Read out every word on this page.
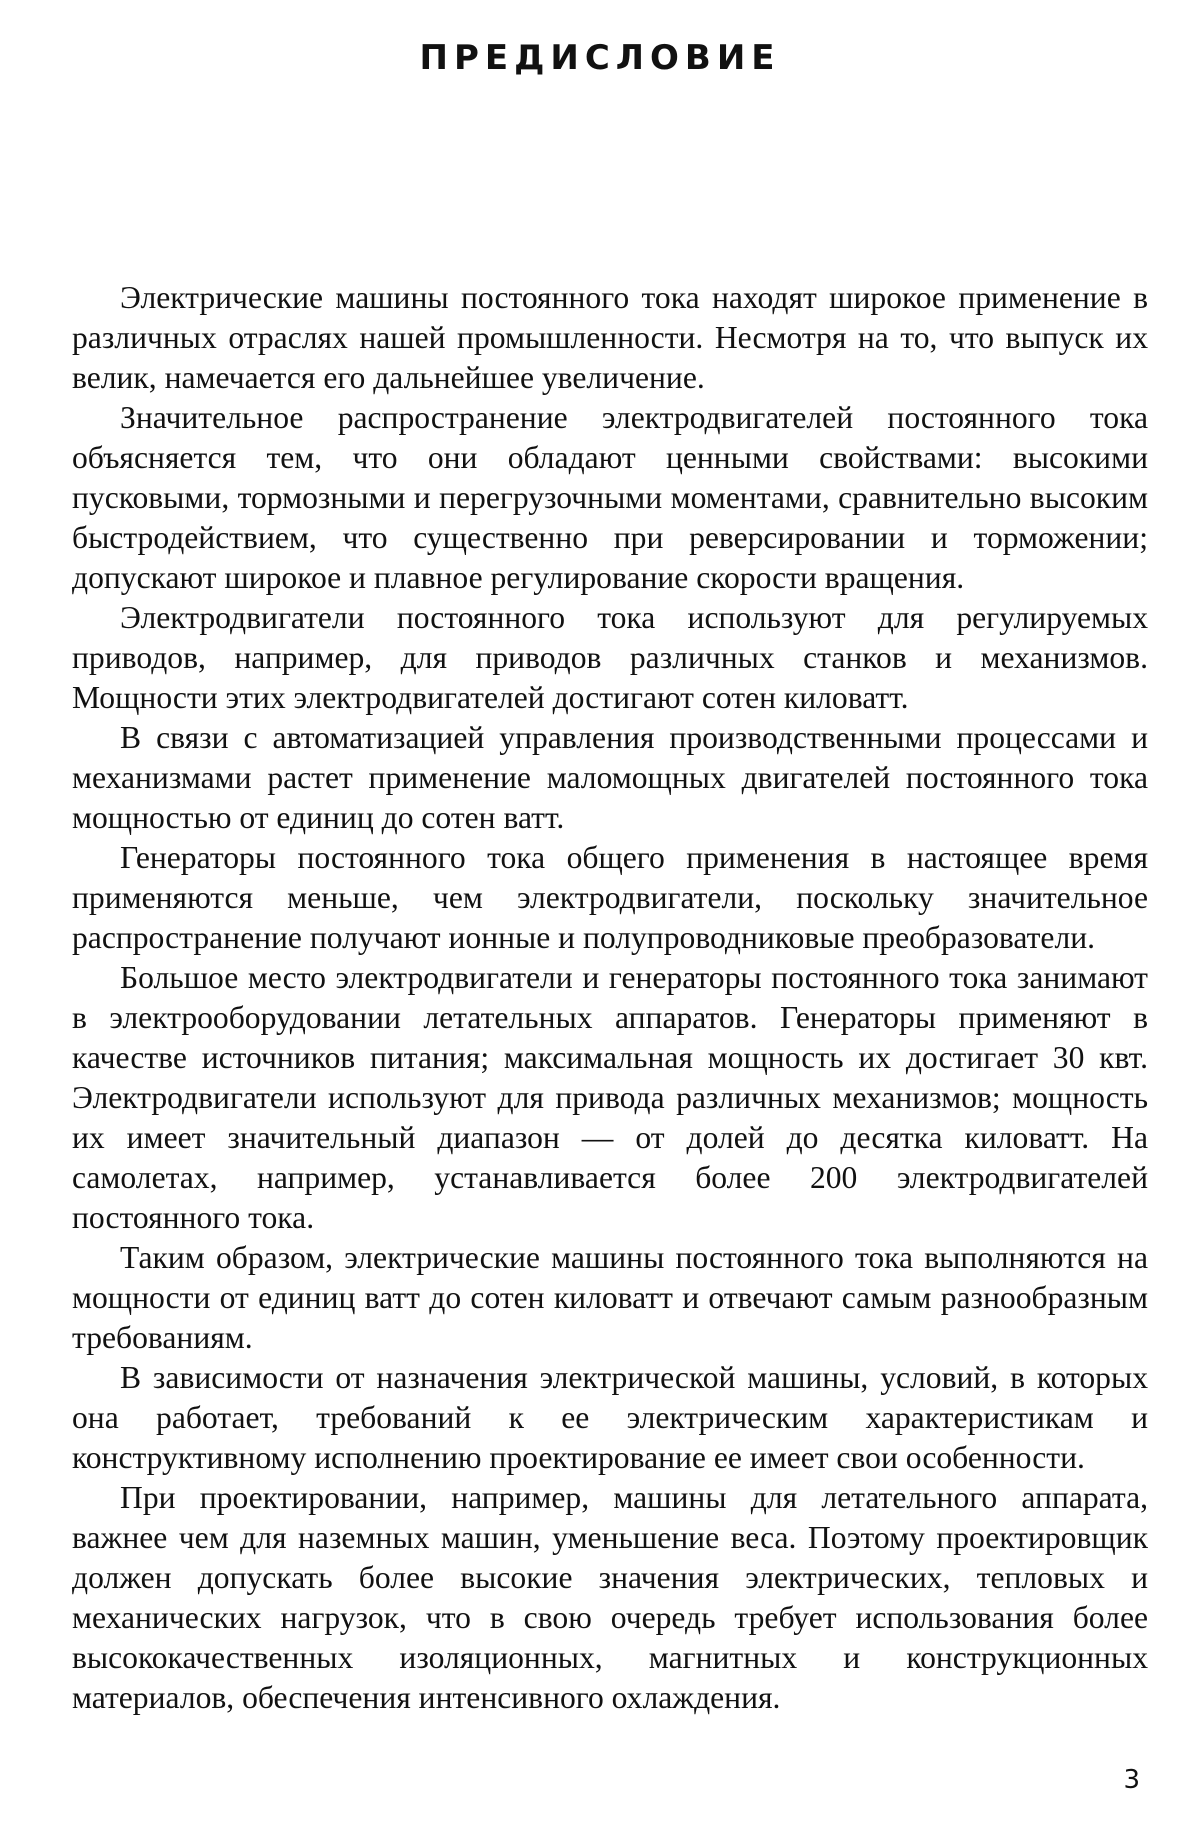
ПРЕДИСЛОВИЕ

Электрические машины постоянного тока находят широкое применение в различных отраслях нашей промышленности. Несмотря на то, что выпуск их велик, намечается его дальнейшее увеличение.

Значительное распространение электродвигателей постоянного тока объясняется тем, что они обладают ценными свойствами: высокими пусковыми, тормозными и перегрузочными моментами, сравнительно высоким быстродействием, что существенно при реверсировании и торможении; допускают широкое и плавное регулирование скорости вращения.

Электродвигатели постоянного тока используют для регулируемых приводов, например, для приводов различных станков и механизмов. Мощности этих электродвигателей достигают сотен киловатт.

В связи с автоматизацией управления производственными процессами и механизмами растет применение маломощных двигателей постоянного тока мощностью от единиц до сотен ватт.

Генераторы постоянного тока общего применения в настоящее время применяются меньше, чем электродвигатели, поскольку значительное распространение получают ионные и полупроводниковые преобразователи.

Большое место электродвигатели и генераторы постоянного тока занимают в электрооборудовании летательных аппаратов. Генераторы применяют в качестве источников питания; максимальная мощность их достигает 30 квт. Электродвигатели используют для привода различных механизмов; мощность их имеет значительный диапазон — от долей до десятка киловатт. На самолетах, например, устанавливается более 200 электродвигателей постоянного тока.

Таким образом, электрические машины постоянного тока выполняются на мощности от единиц ватт до сотен киловатт и отвечают самым разнообразным требованиям.

В зависимости от назначения электрической машины, условий, в которых она работает, требований к ее электрическим характеристикам и конструктивному исполнению проектирование ее имеет свои особенности.

При проектировании, например, машины для летательного аппарата, важнее чем для наземных машин, уменьшение веса. Поэтому проектировщик должен допускать более высокие значения электрических, тепловых и механических нагрузок, что в свою очередь требует использования более высококачественных изоляционных, магнитных и конструкционных материалов, обеспечения интенсивного охлаждения.

3
